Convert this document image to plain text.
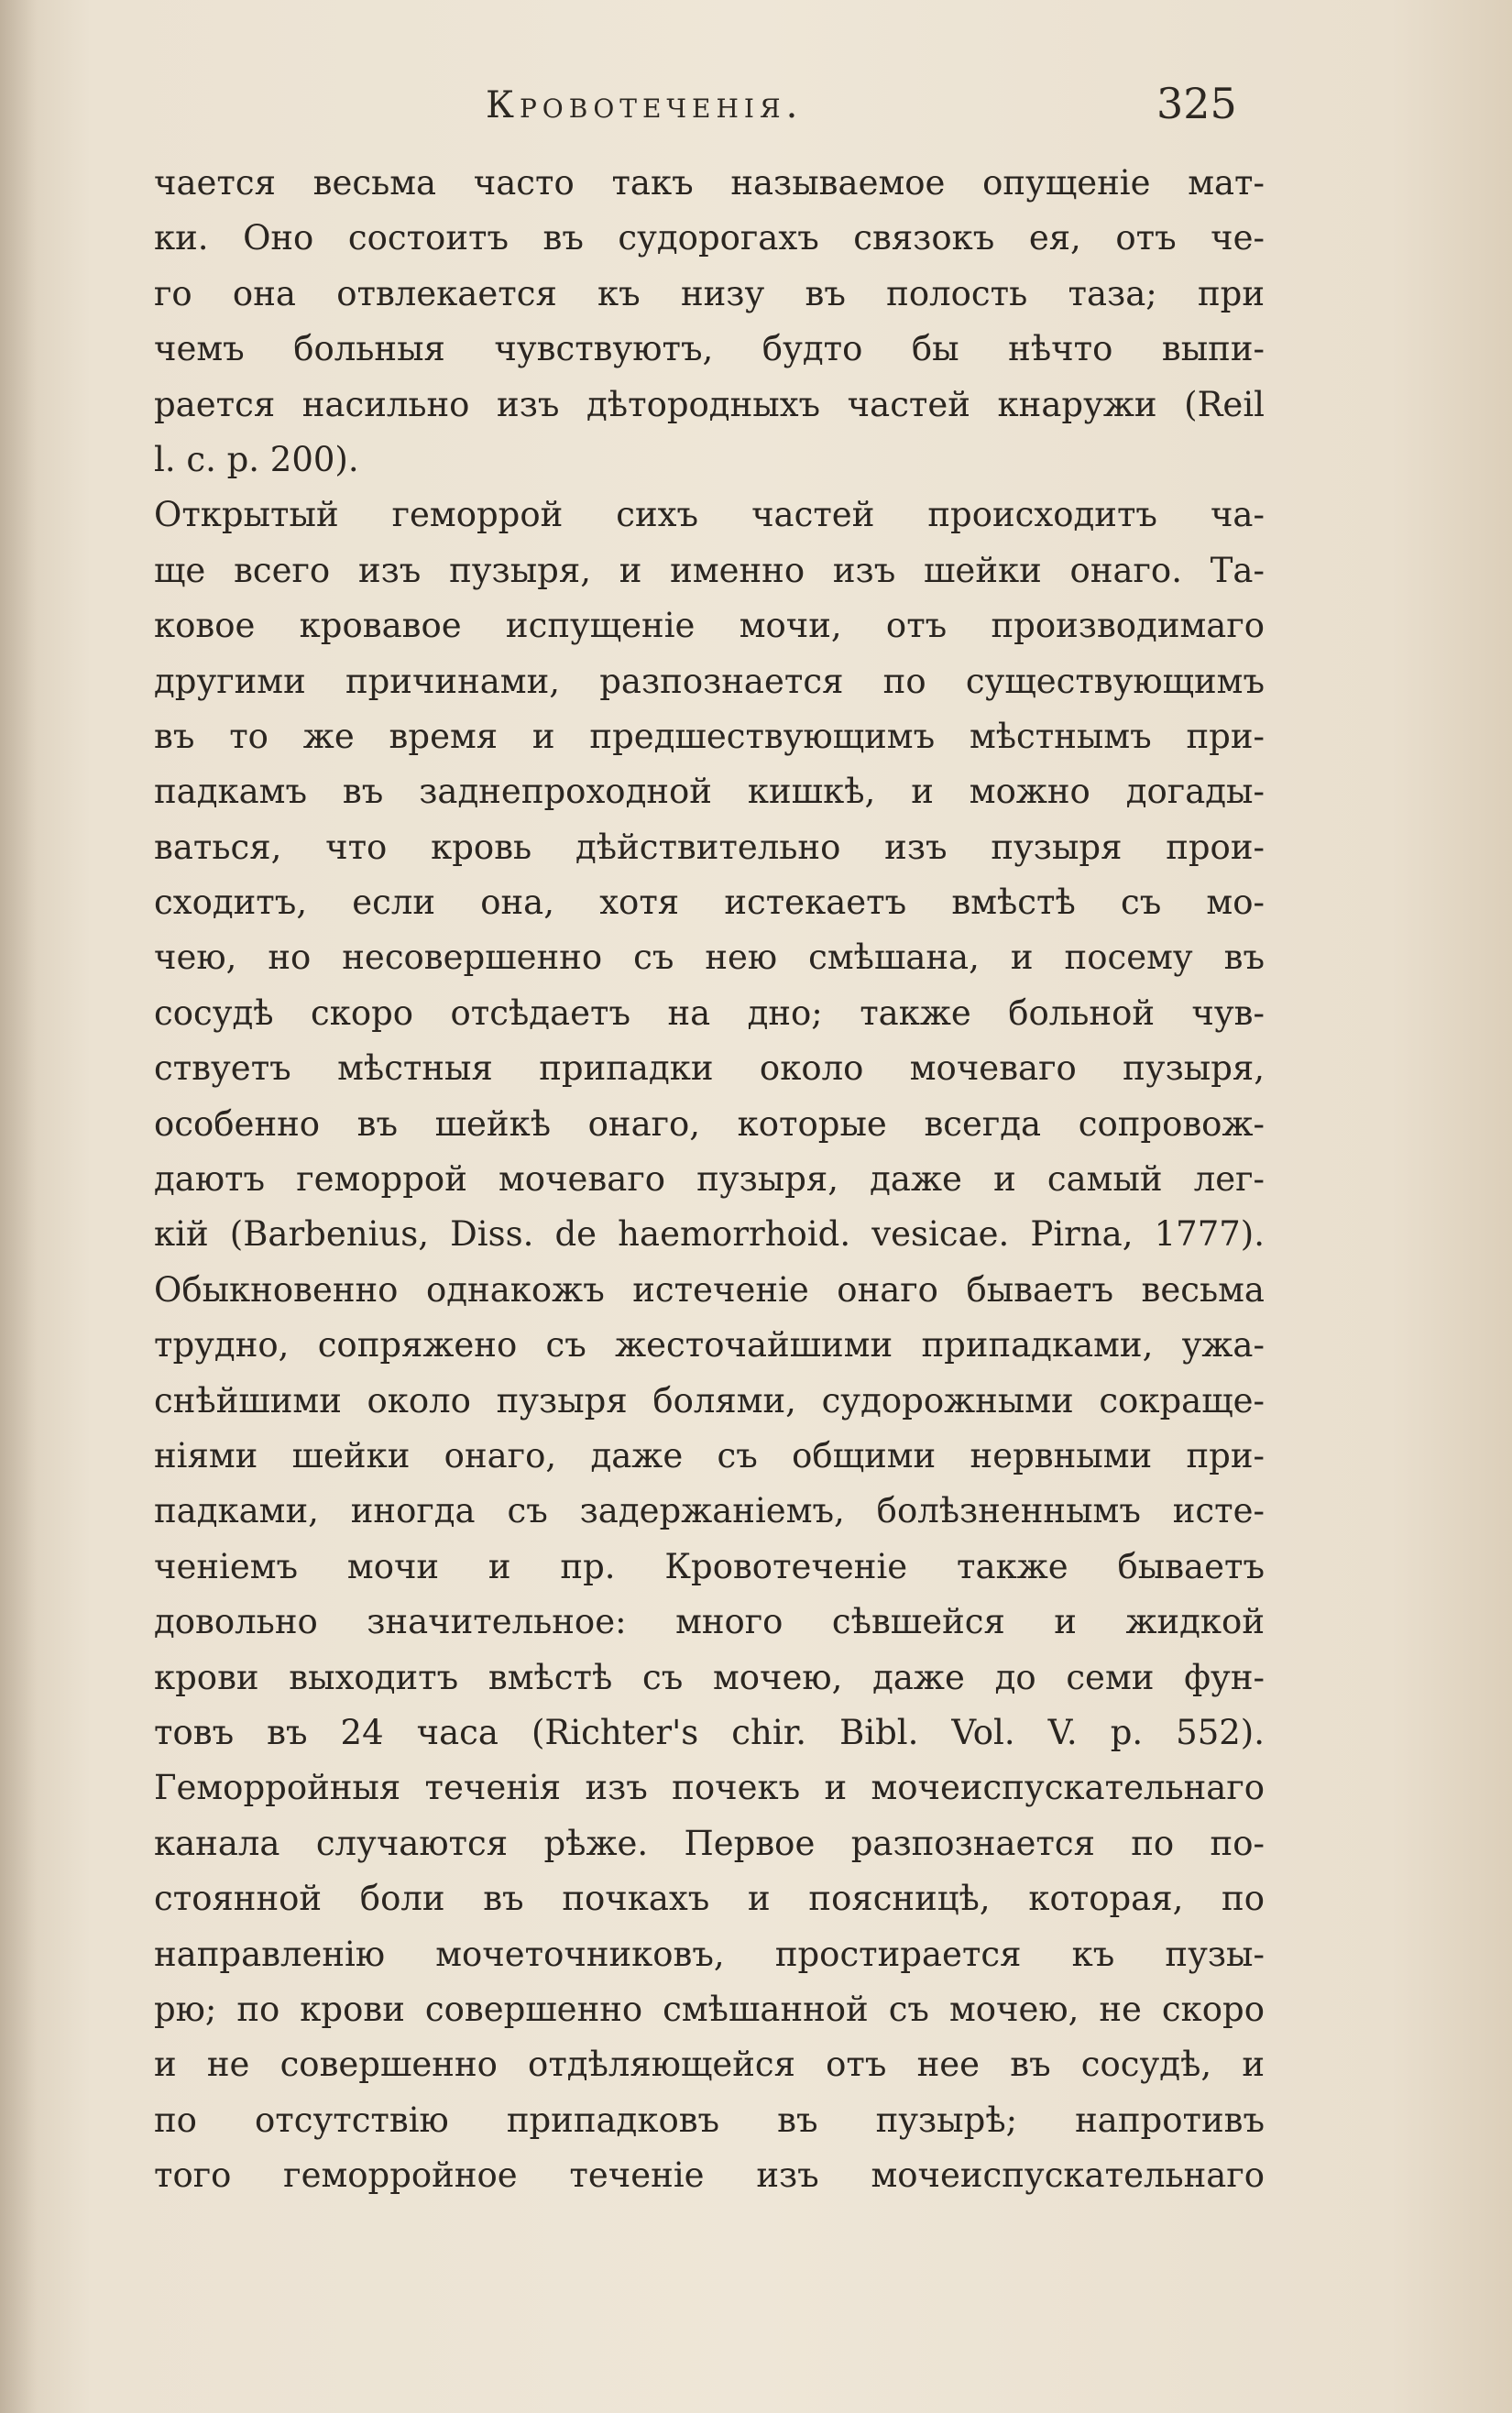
Кровотеченія.	325
чается весьма часто такъ называемое опущеніе мат-
ки. Оно состоитъ въ судорогахъ связокъ ея, отъ че-
го она отвлекается къ низу въ полость таза; при
чемъ больныя чувствуютъ, будто бы нѣчто выпи-
рается насильно изъ дѣтородныхъ частей кнаружи (Reil
l. c. p. 200).
Открытый гемоppой сихъ частей происходитъ ча-
ще всего изъ пузыря, и именно изъ шейки онаго. Та-
ковое кровавое испущеніе мочи, отъ производимаго
другими причинами, разпознается по существующимъ
въ то же время и предшествующимъ мѣстнымъ при-
падкамъ въ заднепроходной кишкѣ, и можно догады-
ваться, что кровь дѣйствительно изъ пузыря прои-
сходитъ, если она, хотя истекаетъ вмѣстѣ съ мо-
чею, но несовершенно съ нею смѣшана, и посему въ
сосудѣ скоро отсѣдаетъ на дно; также больной чув-
ствуетъ мѣстныя припадки около мочеваго пузыря,
особенно въ шейкѣ онаго, которые всегда сопровож-
даютъ геморрой мочеваго пузыря, даже и самый лег-
кій (Barbenius, Diss. de haemorrhoid. vesicae. Pirna, 1777).
Обыкновенно однакожъ истеченіе онаго бываетъ весьма
трудно, сопряжено съ жесточайшими припадками, ужа-
снѣйшими около пузыря болями, судорожными сокраще-
ніями шейки онаго, даже съ общими нервными при-
падками, иногда съ задержаніемъ, болѣзненнымъ исте-
ченіемъ мочи и пр. Кровотеченіе также бываетъ
довольно значительное: много сѣвшейся и жидкой
крови выходитъ вмѣстѣ съ мочею, даже до семи фун-
товъ въ 24 часа (Richter's chir. Bibl. Vol. V. p. 552).
Геморройныя теченія изъ почекъ и мочеиспускательнаго
канала случаются рѣже. Первое разпознается по по-
стоянной боли въ почкахъ и поясницѣ, которая, по
направленію мочеточниковъ, простирается къ пузы-
рю; по крови совершенно смѣшанной съ мочею, не скоро
и не совершенно отдѣляющейся отъ нее въ сосудѣ, и
по отсутствію припадковъ въ пузырѣ; напротивъ
того геморройное теченіе изъ мочеиспускательнаго
